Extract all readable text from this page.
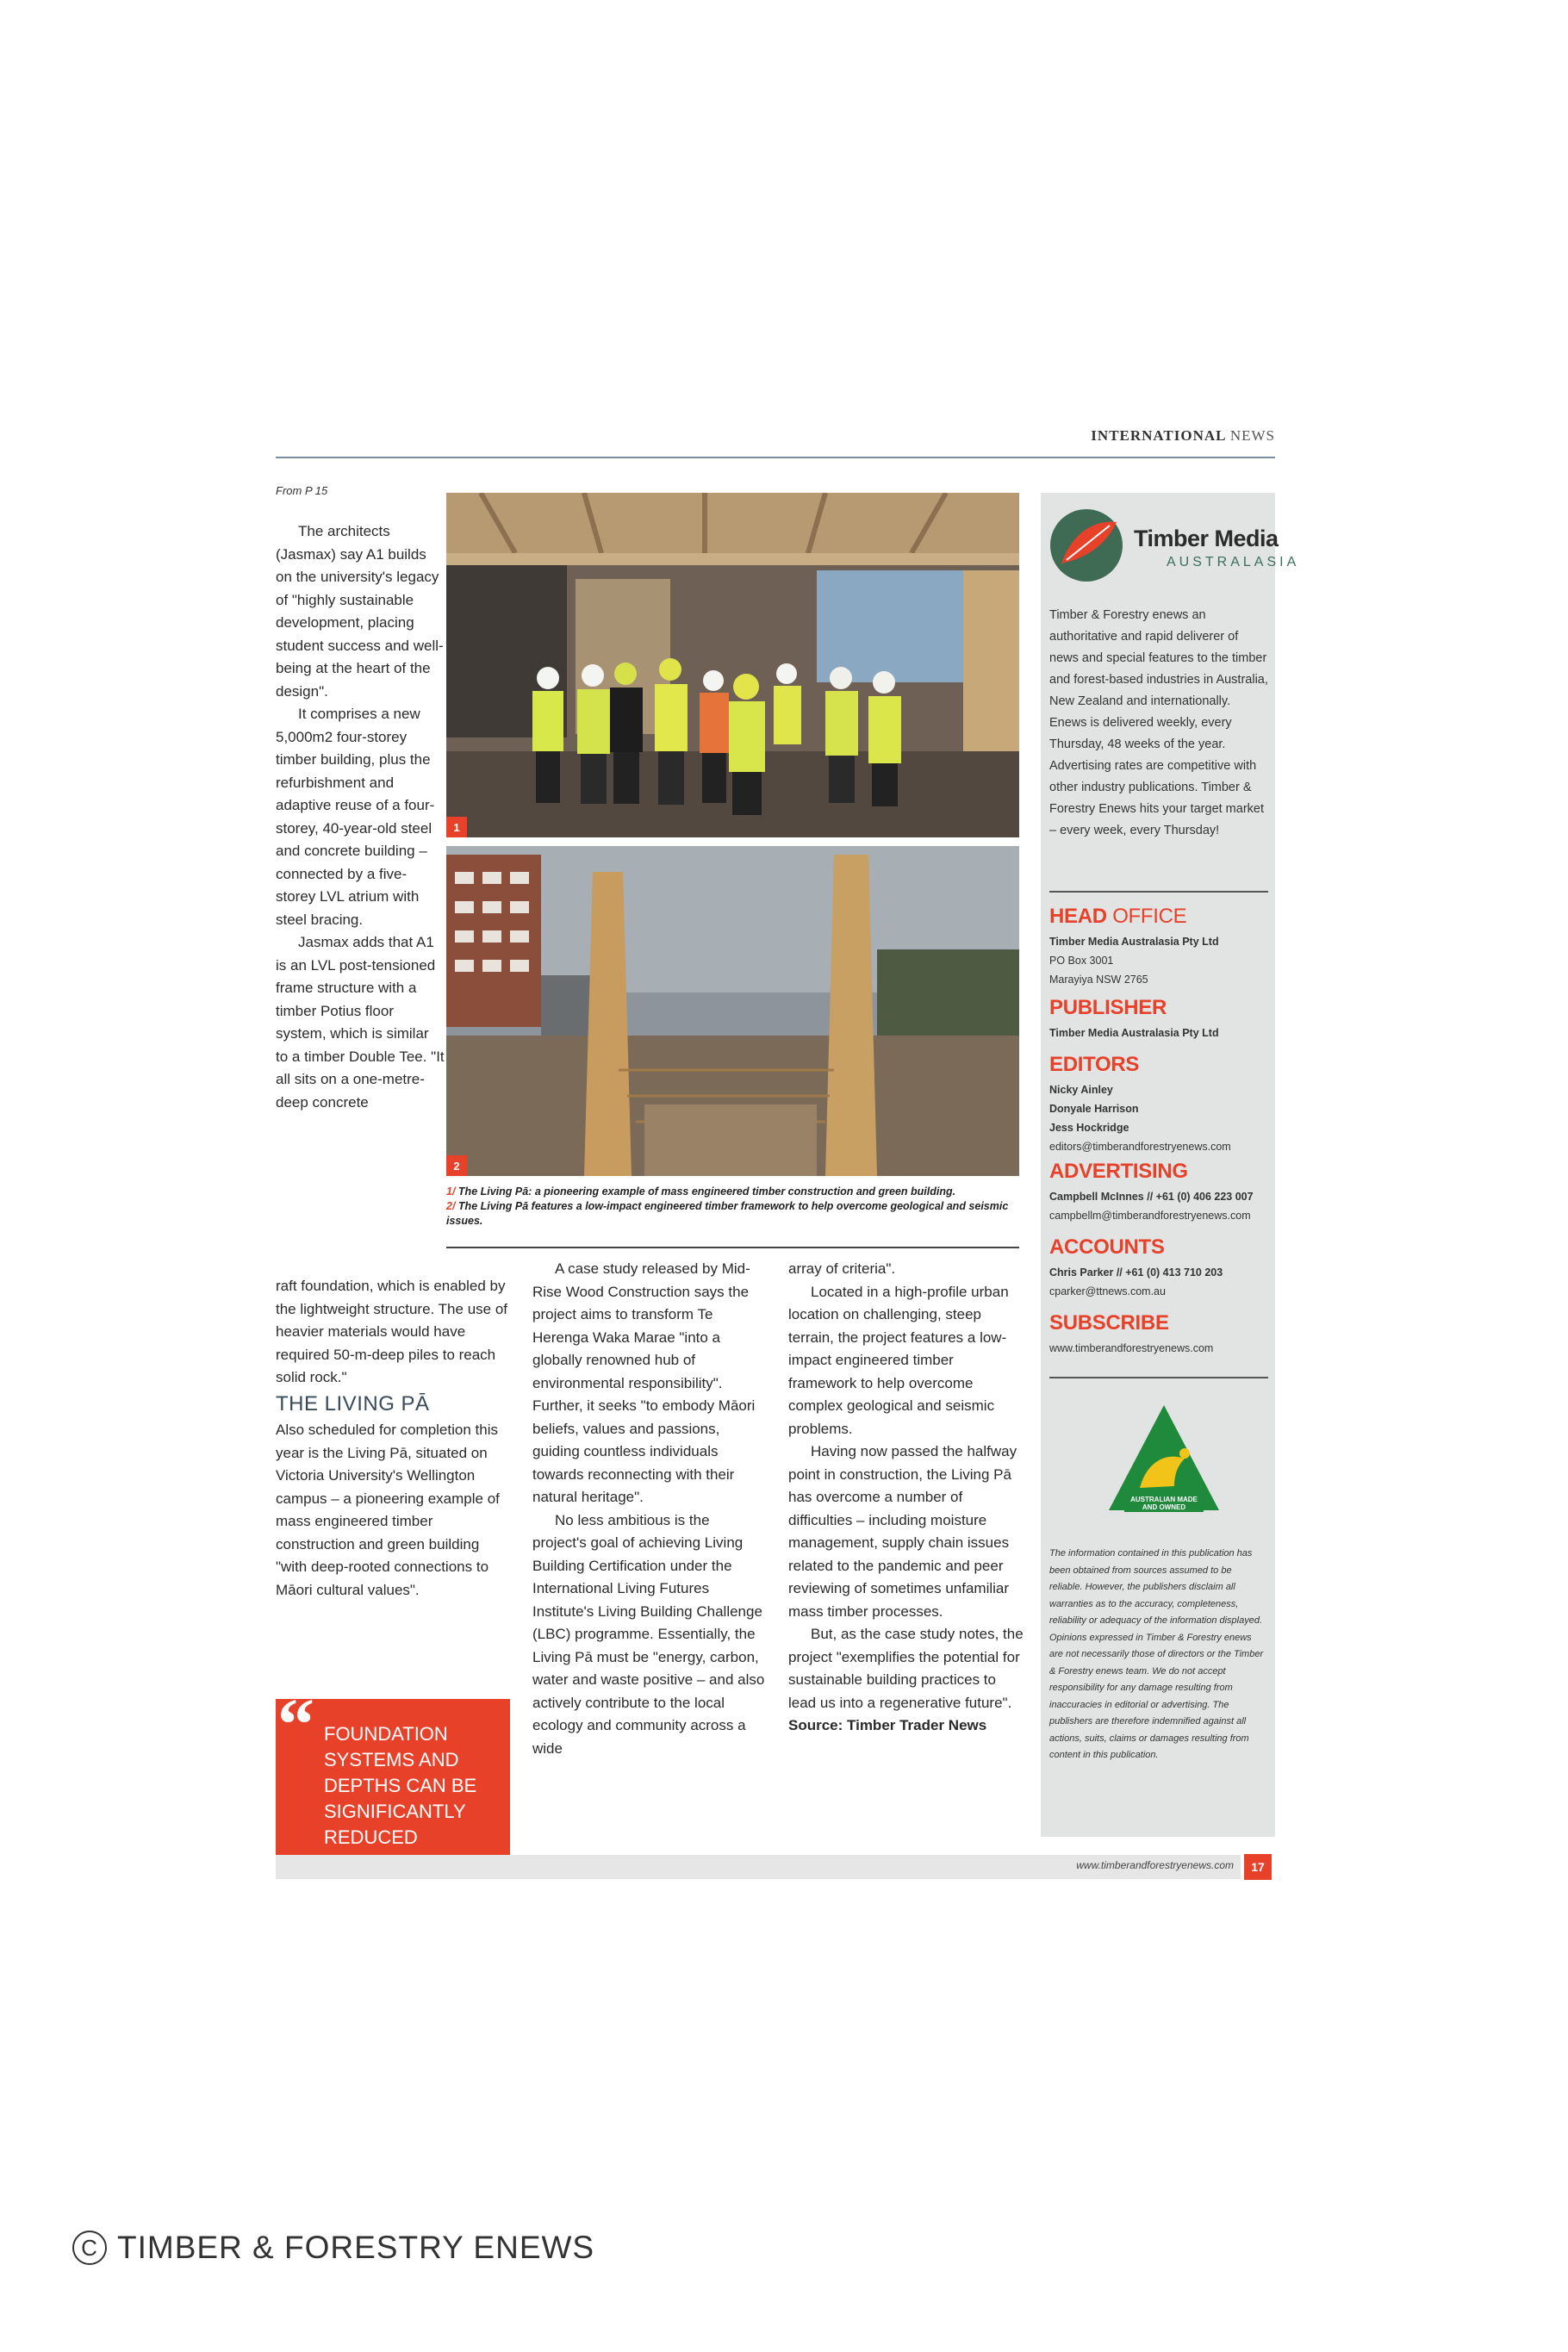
INTERNATIONAL NEWS
From P 15

The architects (Jasmax) say A1 builds on the university's legacy of "highly sustainable development, placing student success and well-being at the heart of the design".

It comprises a new 5,000m2 four-storey timber building, plus the refurbishment and adaptive reuse of a four-storey, 40-year-old steel and concrete building – connected by a five-storey LVL atrium with steel bracing.

Jasmax adds that A1 is an LVL post-tensioned frame structure with a timber Potius floor system, which is similar to a timber Double Tee. "It all sits on a one-metre-deep concrete

raft foundation, which is enabled by the lightweight structure. The use of heavier materials would have required 50-m-deep piles to reach solid rock."

THE LIVING PĀ

Also scheduled for completion this year is the Living Pā, situated on Victoria University's Wellington campus – a pioneering example of mass engineered timber construction and green building "with deep-rooted connections to Māori cultural values".

“ FOUNDATION SYSTEMS AND DEPTHS CAN BE SIGNIFICANTLY REDUCED
1
2
1/ The Living Pā: a pioneering example of mass engineered timber construction and green building.
2/ The Living Pā features a low-impact engineered timber framework to help overcome geological and seismic issues.

A case study released by Mid-Rise Wood Construction says the project aims to transform Te Herenga Waka Marae "into a globally renowned hub of environmental responsibility". Further, it seeks "to embody Māori beliefs, values and passions, guiding countless individuals towards reconnecting with their natural heritage".

No less ambitious is the project's goal of achieving Living Building Certification under the International Living Futures Institute's Living Building Challenge (LBC) programme. Essentially, the Living Pā must be "energy, carbon, water and waste positive – and also actively contribute to the local ecology and community across a wide

array of criteria".

Located in a high-profile urban location on challenging, steep terrain, the project features a low-impact engineered timber framework to help overcome complex geological and seismic problems.

Having now passed the halfway point in construction, the Living Pā has overcome a number of difficulties – including moisture management, supply chain issues related to the pandemic and peer reviewing of sometimes unfamiliar mass timber processes.

But, as the case study notes, the project "exemplifies the potential for sustainable building practices to lead us into a regenerative future".

Source: Timber Trader News

Timber Media
AUSTRALASIA
Timber & Forestry enews an authoritative and rapid deliverer of news and special features to the timber and forest-based industries in Australia, New Zealand and internationally. Enews is delivered weekly, every Thursday, 48 weeks of the year. Advertising rates are competitive with other industry publications. Timber & Forestry Enews hits your target market – every week, every Thursday!
HEAD OFFICE
Timber Media Australasia Pty Ltd
PO Box 3001
Marayiya NSW 2765
PUBLISHER
Timber Media Australasia Pty Ltd
EDITORS
Nicky Ainley
Donyale Harrison
Jess Hockridge
editors@timberandforestryenews.com
ADVERTISING
Campbell McInnes // +61 (0) 406 223 007
campbellm@timberandforestryenews.com
ACCOUNTS
Chris Parker // +61 (0) 413 710 203
cparker@ttnews.com.au
SUBSCRIBE
www.timberandforestryenews.com
AUSTRALIAN MADE
AND OWNED
The information contained in this publication has been obtained from sources assumed to be reliable. However, the publishers disclaim all warranties as to the accuracy, completeness, reliability or adequacy of the information displayed. Opinions expressed in Timber & Forestry enews are not necessarily those of directors or the Timber & Forestry enews team. We do not accept responsibility for any damage resulting from inaccuracies in editorial or advertising. The publishers are therefore indemnified against all actions, suits, claims or damages resulting from content in this publication.
www.timberandforestryenews.com	17
C TIMBER & FORESTRY ENEWS
